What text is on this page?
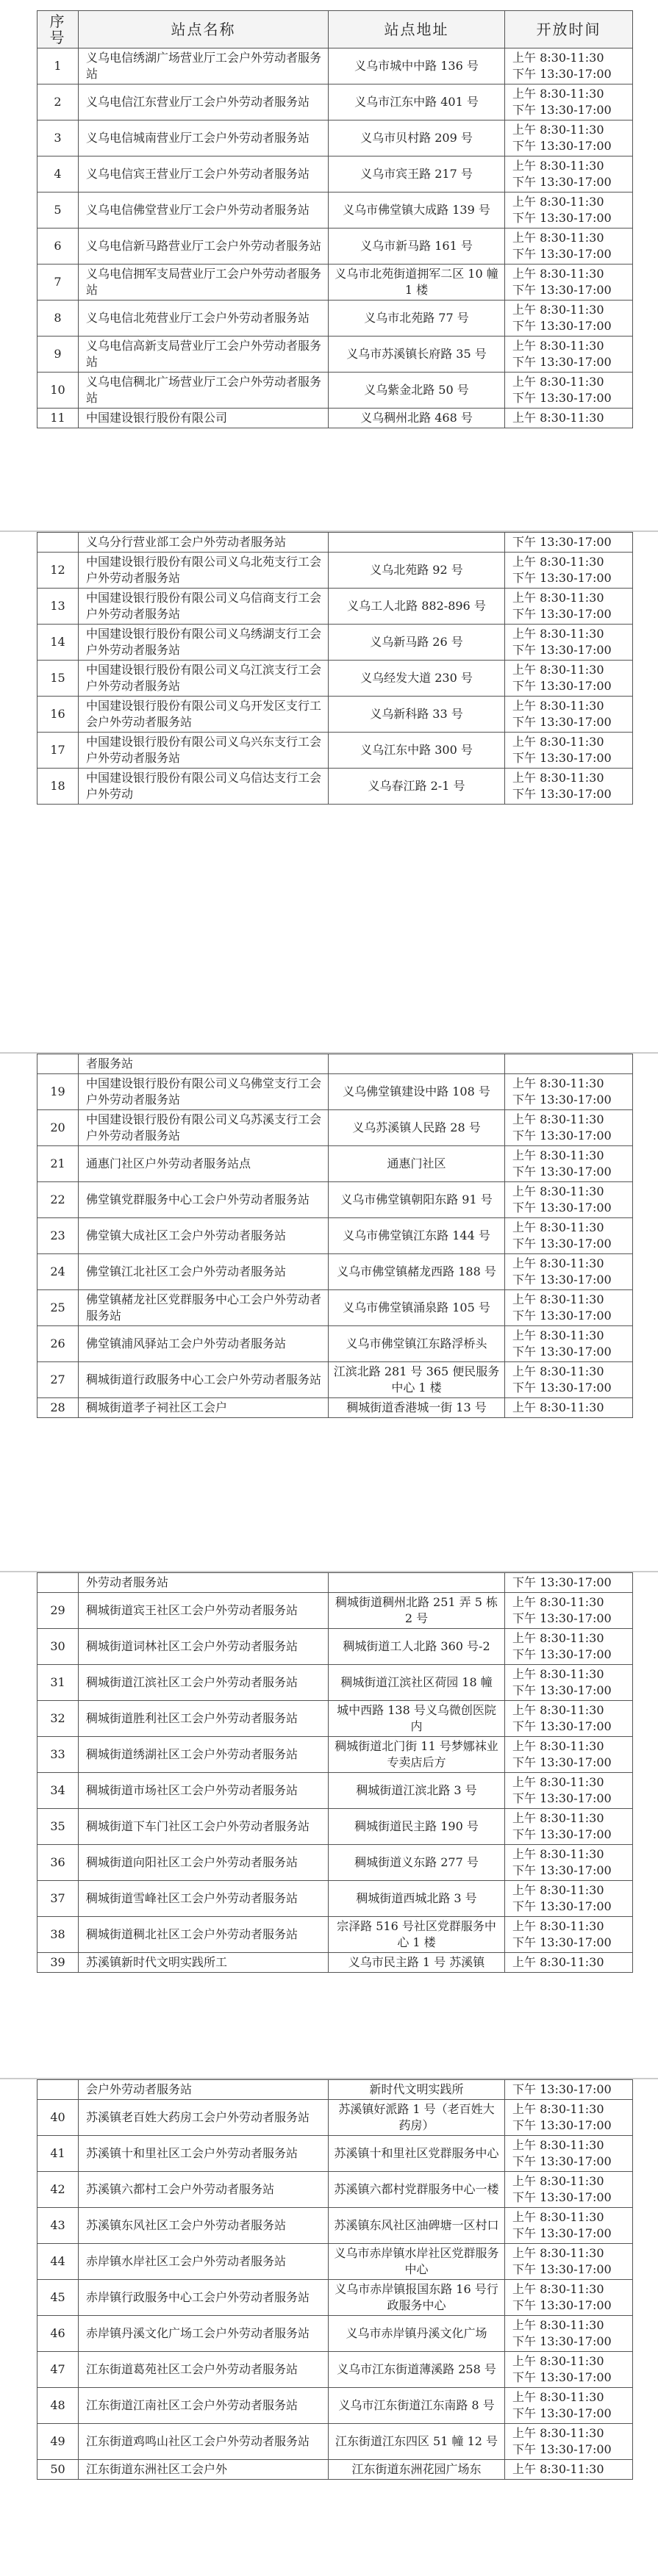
序号	站点名称	站点地址	开放时间
1	义乌电信绣湖广场营业厅工会户外劳动者服务站	义乌市城中中路 136 号	上午 8:30-11:30
下午 13:30-17:00

2	义乌电信江东营业厅工会户外劳动者服务站	义乌市江东中路 401 号	上午 8:30-11:30
下午 13:30-17:00

3	义乌电信城南营业厅工会户外劳动者服务站	义乌市贝村路 209 号	上午 8:30-11:30
下午 13:30-17:00

4	义乌电信宾王营业厅工会户外劳动者服务站	义乌市宾王路 217 号	上午 8:30-11:30
下午 13:30-17:00

5	义乌电信佛堂营业厅工会户外劳动者服务站	义乌市佛堂镇大成路 139 号	上午 8:30-11:30
下午 13:30-17:00

6	义乌电信新马路营业厅工会户外劳动者服务站	义乌市新马路 161 号	上午 8:30-11:30
下午 13:30-17:00

7	义乌电信拥军支局营业厅工会户外劳动者服务站	义乌市北苑街道拥军二区 10 幢 1 楼	上午 8:30-11:30
下午 13:30-17:00

8	义乌电信北苑营业厅工会户外劳动者服务站	义乌市北苑路 77 号	上午 8:30-11:30
下午 13:30-17:00

9	义乌电信高新支局营业厅工会户外劳动者服务站	义乌市苏溪镇长府路 35 号	上午 8:30-11:30
下午 13:30-17:00

10	义乌电信稠北广场营业厅工会户外劳动者服务站	义乌紫金北路 50 号	上午 8:30-11:30
下午 13:30-17:00

11	中国建设银行股份有限公司	义乌稠州北路 468 号	上午 8:30-11:30
	义乌分行营业部工会户外劳动者服务站		下午 13:30-17:00

12	中国建设银行股份有限公司义乌北苑支行工会户外劳动者服务站	义乌北苑路 92 号	上午 8:30-11:30
下午 13:30-17:00

13	中国建设银行股份有限公司义乌信商支行工会户外劳动者服务站	义乌工人北路 882-896 号	上午 8:30-11:30
下午 13:30-17:00

14	中国建设银行股份有限公司义乌绣湖支行工会户外劳动者服务站	义乌新马路 26 号	上午 8:30-11:30
下午 13:30-17:00

15	中国建设银行股份有限公司义乌江滨支行工会户外劳动者服务站	义乌经发大道 230 号	上午 8:30-11:30
下午 13:30-17:00

16	中国建设银行股份有限公司义乌开发区支行工会户外劳动者服务站	义乌新科路 33 号	上午 8:30-11:30
下午 13:30-17:00

17	中国建设银行股份有限公司义乌兴东支行工会户外劳动者服务站	义乌江东中路 300 号	上午 8:30-11:30
下午 13:30-17:00

18	中国建设银行股份有限公司义乌信达支行工会户外劳动	义乌春江路 2-1 号	上午 8:30-11:30
下午 13:30-17:00
	者服务站		

19	中国建设银行股份有限公司义乌佛堂支行工会户外劳动者服务站	义乌佛堂镇建设中路 108 号	上午 8:30-11:30
下午 13:30-17:00

20	中国建设银行股份有限公司义乌苏溪支行工会户外劳动者服务站	义乌苏溪镇人民路 28 号	上午 8:30-11:30
下午 13:30-17:00

21	通惠门社区户外劳动者服务站点	通惠门社区	上午 8:30-11:30
下午 13:30-17:00

22	佛堂镇党群服务中心工会户外劳动者服务站	义乌市佛堂镇朝阳东路 91 号	上午 8:30-11:30
下午 13:30-17:00

23	佛堂镇大成社区工会户外劳动者服务站	义乌市佛堂镇江东路 144 号	上午 8:30-11:30
下午 13:30-17:00

24	佛堂镇江北社区工会户外劳动者服务站	义乌市佛堂镇赭龙西路 188 号	上午 8:30-11:30
下午 13:30-17:00

25	佛堂镇赭龙社区党群服务中心工会户外劳动者服务站	义乌市佛堂镇涌泉路 105 号	上午 8:30-11:30
下午 13:30-17:00

26	佛堂镇浦风驿站工会户外劳动者服务站	义乌市佛堂镇江东路浮桥头	上午 8:30-11:30
下午 13:30-17:00

27	稠城街道行政服务中心工会户外劳动者服务站	江滨北路 281 号 365 便民服务中心 1 楼	上午 8:30-11:30
下午 13:30-17:00

28	稠城街道孝子祠社区工会户	稠城街道香港城一街 13 号	上午 8:30-11:30
	外劳动者服务站		下午 13:30-17:00

29	稠城街道宾王社区工会户外劳动者服务站	稠城街道稠州北路 251 弄 5 栋 2 号	上午 8:30-11:30
下午 13:30-17:00

30	稠城街道词林社区工会户外劳动者服务站	稠城街道工人北路 360 号-2	上午 8:30-11:30
下午 13:30-17:00

31	稠城街道江滨社区工会户外劳动者服务站	稠城街道江滨社区荷园 18 幢	上午 8:30-11:30
下午 13:30-17:00

32	稠城街道胜利社区工会户外劳动者服务站	城中西路 138 号义乌微创医院内	上午 8:30-11:30
下午 13:30-17:00

33	稠城街道绣湖社区工会户外劳动者服务站	稠城街道北门街 11 号梦娜袜业专卖店后方	上午 8:30-11:30
下午 13:30-17:00

34	稠城街道市场社区工会户外劳动者服务站	稠城街道江滨北路 3 号	上午 8:30-11:30
下午 13:30-17:00

35	稠城街道下车门社区工会户外劳动者服务站	稠城街道民主路 190 号	上午 8:30-11:30
下午 13:30-17:00

36	稠城街道向阳社区工会户外劳动者服务站	稠城街道义东路 277 号	上午 8:30-11:30
下午 13:30-17:00

37	稠城街道雪峰社区工会户外劳动者服务站	稠城街道西城北路 3 号	上午 8:30-11:30
下午 13:30-17:00

38	稠城街道稠北社区工会户外劳动者服务站	宗泽路 516 号社区党群服务中心 1 楼	上午 8:30-11:30
下午 13:30-17:00

39	苏溪镇新时代文明实践所工	义乌市民主路 1 号 苏溪镇	上午 8:30-11:30
	会户外劳动者服务站	新时代文明实践所	下午 13:30-17:00

40	苏溪镇老百姓大药房工会户外劳动者服务站	苏溪镇好派路 1 号（老百姓大药房）	上午 8:30-11:30
下午 13:30-17:00

41	苏溪镇十和里社区工会户外劳动者服务站	苏溪镇十和里社区党群服务中心	上午 8:30-11:30
下午 13:30-17:00

42	苏溪镇六都村工会户外劳动者服务站	苏溪镇六都村党群服务中心一楼	上午 8:30-11:30
下午 13:30-17:00

43	苏溪镇东风社区工会户外劳动者服务站	苏溪镇东风社区油碑塘一区村口	上午 8:30-11:30
下午 13:30-17:00

44	赤岸镇水岸社区工会户外劳动者服务站	义乌市赤岸镇水岸社区党群服务中心	上午 8:30-11:30
下午 13:30-17:00

45	赤岸镇行政服务中心工会户外劳动者服务站	义乌市赤岸镇报国东路 16 号行政服务中心	上午 8:30-11:30
下午 13:30-17:00

46	赤岸镇丹溪文化广场工会户外劳动者服务站	义乌市赤岸镇丹溪文化广场	上午 8:30-11:30
下午 13:30-17:00

47	江东街道葛苑社区工会户外劳动者服务站	义乌市江东街道薄溪路 258 号	上午 8:30-11:30
下午 13:30-17:00

48	江东街道江南社区工会户外劳动者服务站	义乌市江东街道江东南路 8 号	上午 8:30-11:30
下午 13:30-17:00

49	江东街道鸡鸣山社区工会户外劳动者服务站	江东街道江东四区 51 幢 12 号	上午 8:30-11:30
下午 13:30-17:00

50	江东街道东洲社区工会户外	江东街道东洲花园广场东	上午 8:30-11:30
